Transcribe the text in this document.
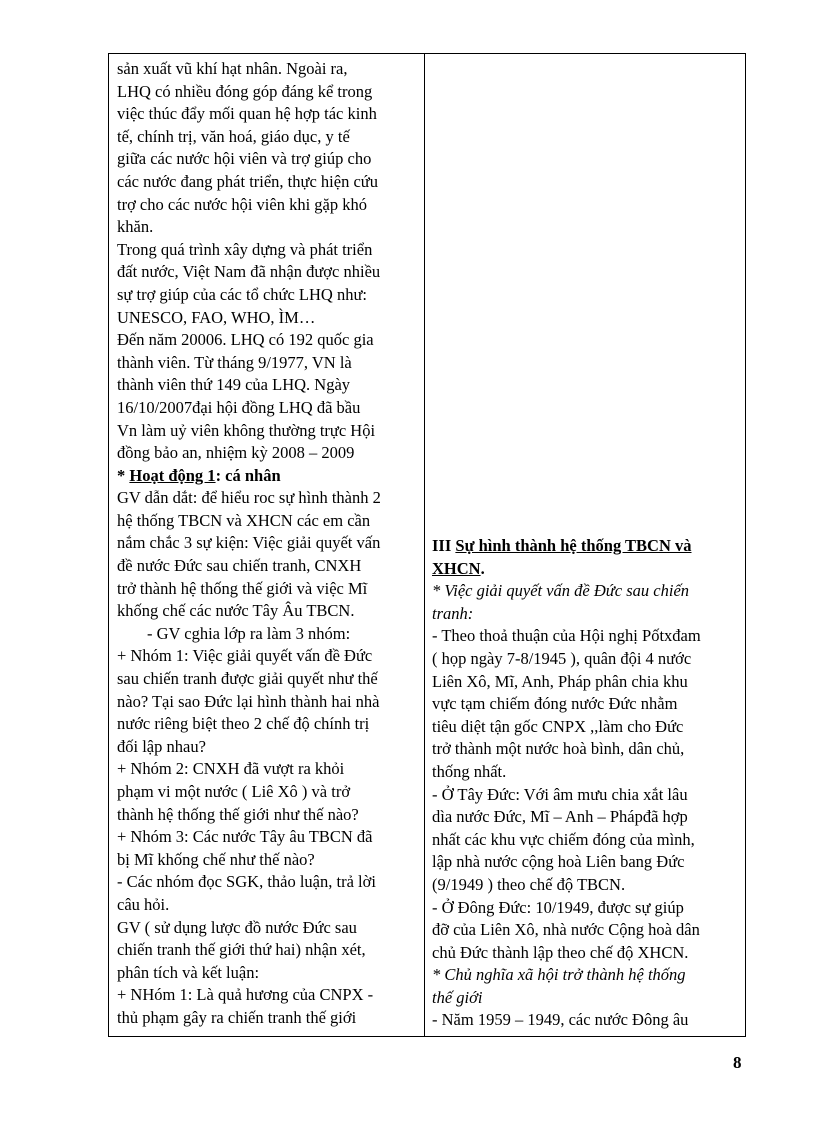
sản xuất vũ khí hạt nhân. Ngoài ra,
LHQ có nhiều đóng góp đáng kể trong
việc thúc đẩy mối quan hệ hợp tác kinh
tế, chính trị, văn hoá, giáo dục, y tế
giữa các nước hội viên và trợ giúp cho
các nước đang phát triển, thực hiện cứu
trợ cho các nước hội viên khi gặp khó
khăn.
Trong quá trình xây dựng và phát triển
đất nước, Việt Nam đã nhận được nhiều
sự trợ giúp của các tổ chức LHQ như:
UNESCO, FAO, WHO, ÌM…
Đến năm 20006. LHQ có 192 quốc gia
thành viên. Từ tháng 9/1977, VN là
thành viên thứ 149 của LHQ. Ngày
16/10/2007đại hội đồng LHQ đã bầu
Vn làm uỷ viên không thường trực Hội
đồng bảo an, nhiệm kỳ 2008 – 2009
* Hoạt động 1: cá nhân
GV dẫn dắt: để hiểu roc sự hình thành 2
hệ thống TBCN và XHCN các em cần
nắm chắc 3 sự kiện: Việc giải quyết vấn
đề nước Đức sau chiến tranh, CNXH
trở thành hệ thống thế giới và việc Mĩ
khống chế các nước Tây Âu TBCN.
- GV cghia lớp ra làm 3 nhóm:
+ Nhóm 1: Việc giải quyết vấn đề Đức
sau chiến tranh được giải quyết như thế
nào? Tại sao Đức lại hình thành hai nhà
nước riêng biệt theo 2 chế độ chính trị
đối lập nhau?
+ Nhóm 2: CNXH đã vượt ra khỏi
phạm vi một nước ( Liê Xô ) và trở
thành hệ thống thế giới như thế nào?
+ Nhóm 3: Các nước Tây âu TBCN đã
bị Mĩ khống chế như thế nào?
- Các nhóm đọc SGK, thảo luận, trả lời
câu hỏi.
GV ( sử dụng lược đồ nước Đức sau
chiến tranh thế giới thứ hai) nhận xét,
phân tích và kết luận:
+ NHóm 1: Là quả hương của CNPX -
thủ phạm gây ra chiến tranh thế giới
III Sự hình thành hệ thống TBCN và
XHCN.
* Việc giải quyết vấn đề Đức sau chiến
tranh:
- Theo thoả thuận của Hội nghị Pốtxđam
( họp ngày 7-8/1945 ), quân đội 4 nước
Liên Xô, Mĩ, Anh, Pháp phân chia khu
vực tạm chiếm đóng nước Đức nhằm
tiêu diệt tận gốc CNPX ,,làm cho Đức
trở thành một nước hoà bình, dân chủ,
thống nhất.
- Ở Tây Đức: Với âm mưu chia xắt lâu
dìa nước Đức, Mĩ – Anh – Phápđã hợp
nhất các khu vực chiếm đóng của mình,
lập nhà nước cộng hoà Liên bang Đức
(9/1949 ) theo chế độ TBCN.
- Ở Đông Đức: 10/1949, được sự giúp
đỡ của Liên Xô, nhà nước Cộng hoà dân
chủ Đức thành lập theo chế độ XHCN.
* Chủ nghĩa xã hội trở thành hệ thống
thế giới
- Năm 1959 – 1949, các nước Đông âu
8
